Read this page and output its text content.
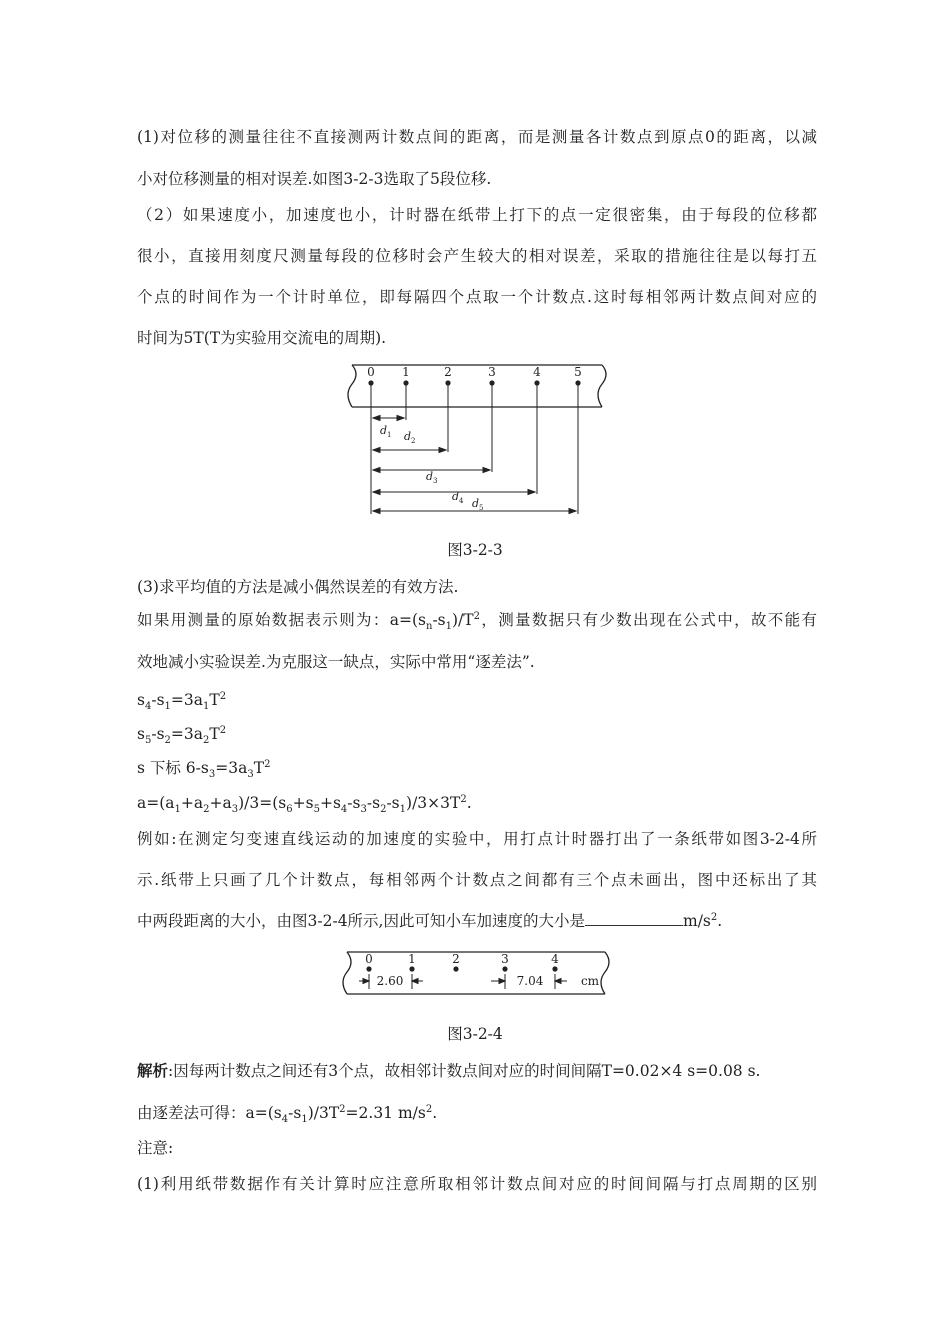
(1)对位移的测量往往不直接测两计数点间的距离，而是测量各计数点到原点0的距离，以减
小对位移测量的相对误差.如图3-2-3选取了5段位移.
（2）如果速度小，加速度也小，计时器在纸带上打下的点一定很密集，由于每段的位移都
很小，直接用刻度尺测量每段的位移时会产生较大的相对误差，采取的措施往往是以每打五
个点的时间作为一个计时单位，即每隔四个点取一个计数点.这时每相邻两计数点间对应的
时间为5T(T为实验用交流电的周期).
0 1	2	3	4	5
$d_1$ $d_2$
$d_3$
$d_4$ $d_5$
图3-2-3
(3)求平均值的方法是减小偶然误差的有效方法.
如果用测量的原始数据表示则为：$a=(s_n-s_1)/T^2$，测量数据只有少数出现在公式中，故不能有
效地减小实验误差.为克服这一缺点，实际中常用“逐差法”.
$s_4-s_1=3a_1T^2$
$s_5-s_2=3a_2T^2$
s 下标 $6-s_3=3a_3T^2$
$a=(a_1+a_2+a_3)/3=(s_6+s_5+s_4-s_3-s_2-s_1)/3\times 3T^2$.
例如:在测定匀变速直线运动的加速度的实验中，用打点计时器打出了一条纸带如图3-2-4所
示.纸带上只画了几个计数点，每相邻两个计数点之间都有三个点未画出，图中还标出了其
中两段距离的大小，由图3-2-4所示,因此可知小车加速度的大小是	$m/s^2$.
0	1	2	3	4
2.60	7.04	cm
图3-2-4
解析:因每两计数点之间还有3个点，故相邻计数点间对应的时间间隔T=0.02×4 s=0.08 s.
由逐差法可得：$a=(s_4-s_1)/3T^2=2.31$ $m/s^2$.
注意:
(1)利用纸带数据作有关计算时应注意所取相邻计数点间对应的时间间隔与打点周期的区别
